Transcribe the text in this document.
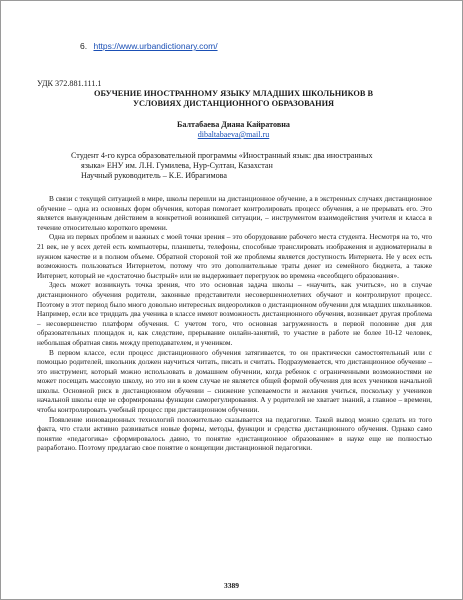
6. https://www.urbandictionary.com/
УДК 372.881.111.1
ОБУЧЕНИЕ ИНОСТРАННОМУ ЯЗЫКУ МЛАДШИХ ШКОЛЬНИКОВ В
УСЛОВИЯХ ДИСТАНЦИОННОГО ОБРАЗОВАНИЯ
Балтабаева Диана Кайратовна
dibaltabaeva@mail.ru
Студент 4-го курса образовательной программы «Иностранный язык: два иностранных
языка» ЕНУ им. Л.Н. Гумилева, Нур-Султан, Казахстан
Научный руководитель – К.Е. Ибрагимова

В связи с текущей ситуацией в мире, школы перешли на дистанционное обучение, а в экстренных случаях дистанционное обучение – одна из основных форм обучения, которая помогает контролировать процесс обучения, а не прерывать его. Это является вынужденным действием в конкретной возникшей ситуации, – инструментом взаимодействия учителя и класса в течение относительно короткого времени.

Одна из первых проблем и важных с моей точки зрения – это оборудование рабочего места студента. Несмотря на то, что 21 век, не у всех детей есть компьютеры, планшеты, телефоны, способные транслировать изображения и аудиоматериалы в нужном качестве и в полном объеме. Обратной стороной той же проблемы является доступность Интернета. Не у всех есть возможность пользоваться Интернетом, потому что это дополнительные траты денег из семейного бюджета, а также Интернет, который не «достаточно быстрый» или не выдерживает перегрузок во времена «всеобщего образования».

Здесь может возникнуть точка зрения, что это основная задача школы – «научить, как учиться», но в случае дистанционного обучения родители, законные представители несовершеннолетних обучают и контролируют процесс. Поэтому в этот период было много довольно интересных видеороликов о дистанционном обучении для младших школьников. Например, если все тридцать два ученика в классе имеют возможность дистанционного обучения, возникает другая проблема – несовершенство платформ обучения. С учетом того, что основная загруженность в первой половине дня для образовательных площадок и, как следствие, прерывание онлайн-занятий, то участие в работе не более 10-12 человек, небольшая обратная связь между преподавателем, и учеником.

В первом классе, если процесс дистанционного обучения затягивается, то он практически самостоятельный или с помощью родителей, школьник должен научиться читать, писать и считать. Подразумевается, что дистанционное обучение – это инструмент, который можно использовать в домашнем обучении, когда ребенок с ограниченными возможностями не может посещать массовую школу, но это ни в коем случае не является общей формой обучения для всех учеников начальной школы. Основной риск в дистанционном обучении – снижение успеваемости и желания учиться, поскольку у учеников начальной школы еще не сформированы функции саморегулирования. А у родителей не хватает знаний, а главное – времени, чтобы контролировать учебный процесс при дистанционном обучении.

Появление инновационных технологий положительно сказывается на педагогике. Такой вывод можно сделать из того факта, что стали активно развиваться новые формы, методы, функции и средства дистанционного обучения. Однако само понятие «педагогика» сформировалось давно, то понятие «дистанционное образование» в науке еще не полностью разработано. Поэтому предлагаю свое понятие о концепции дистанционной педагогики.

3389
